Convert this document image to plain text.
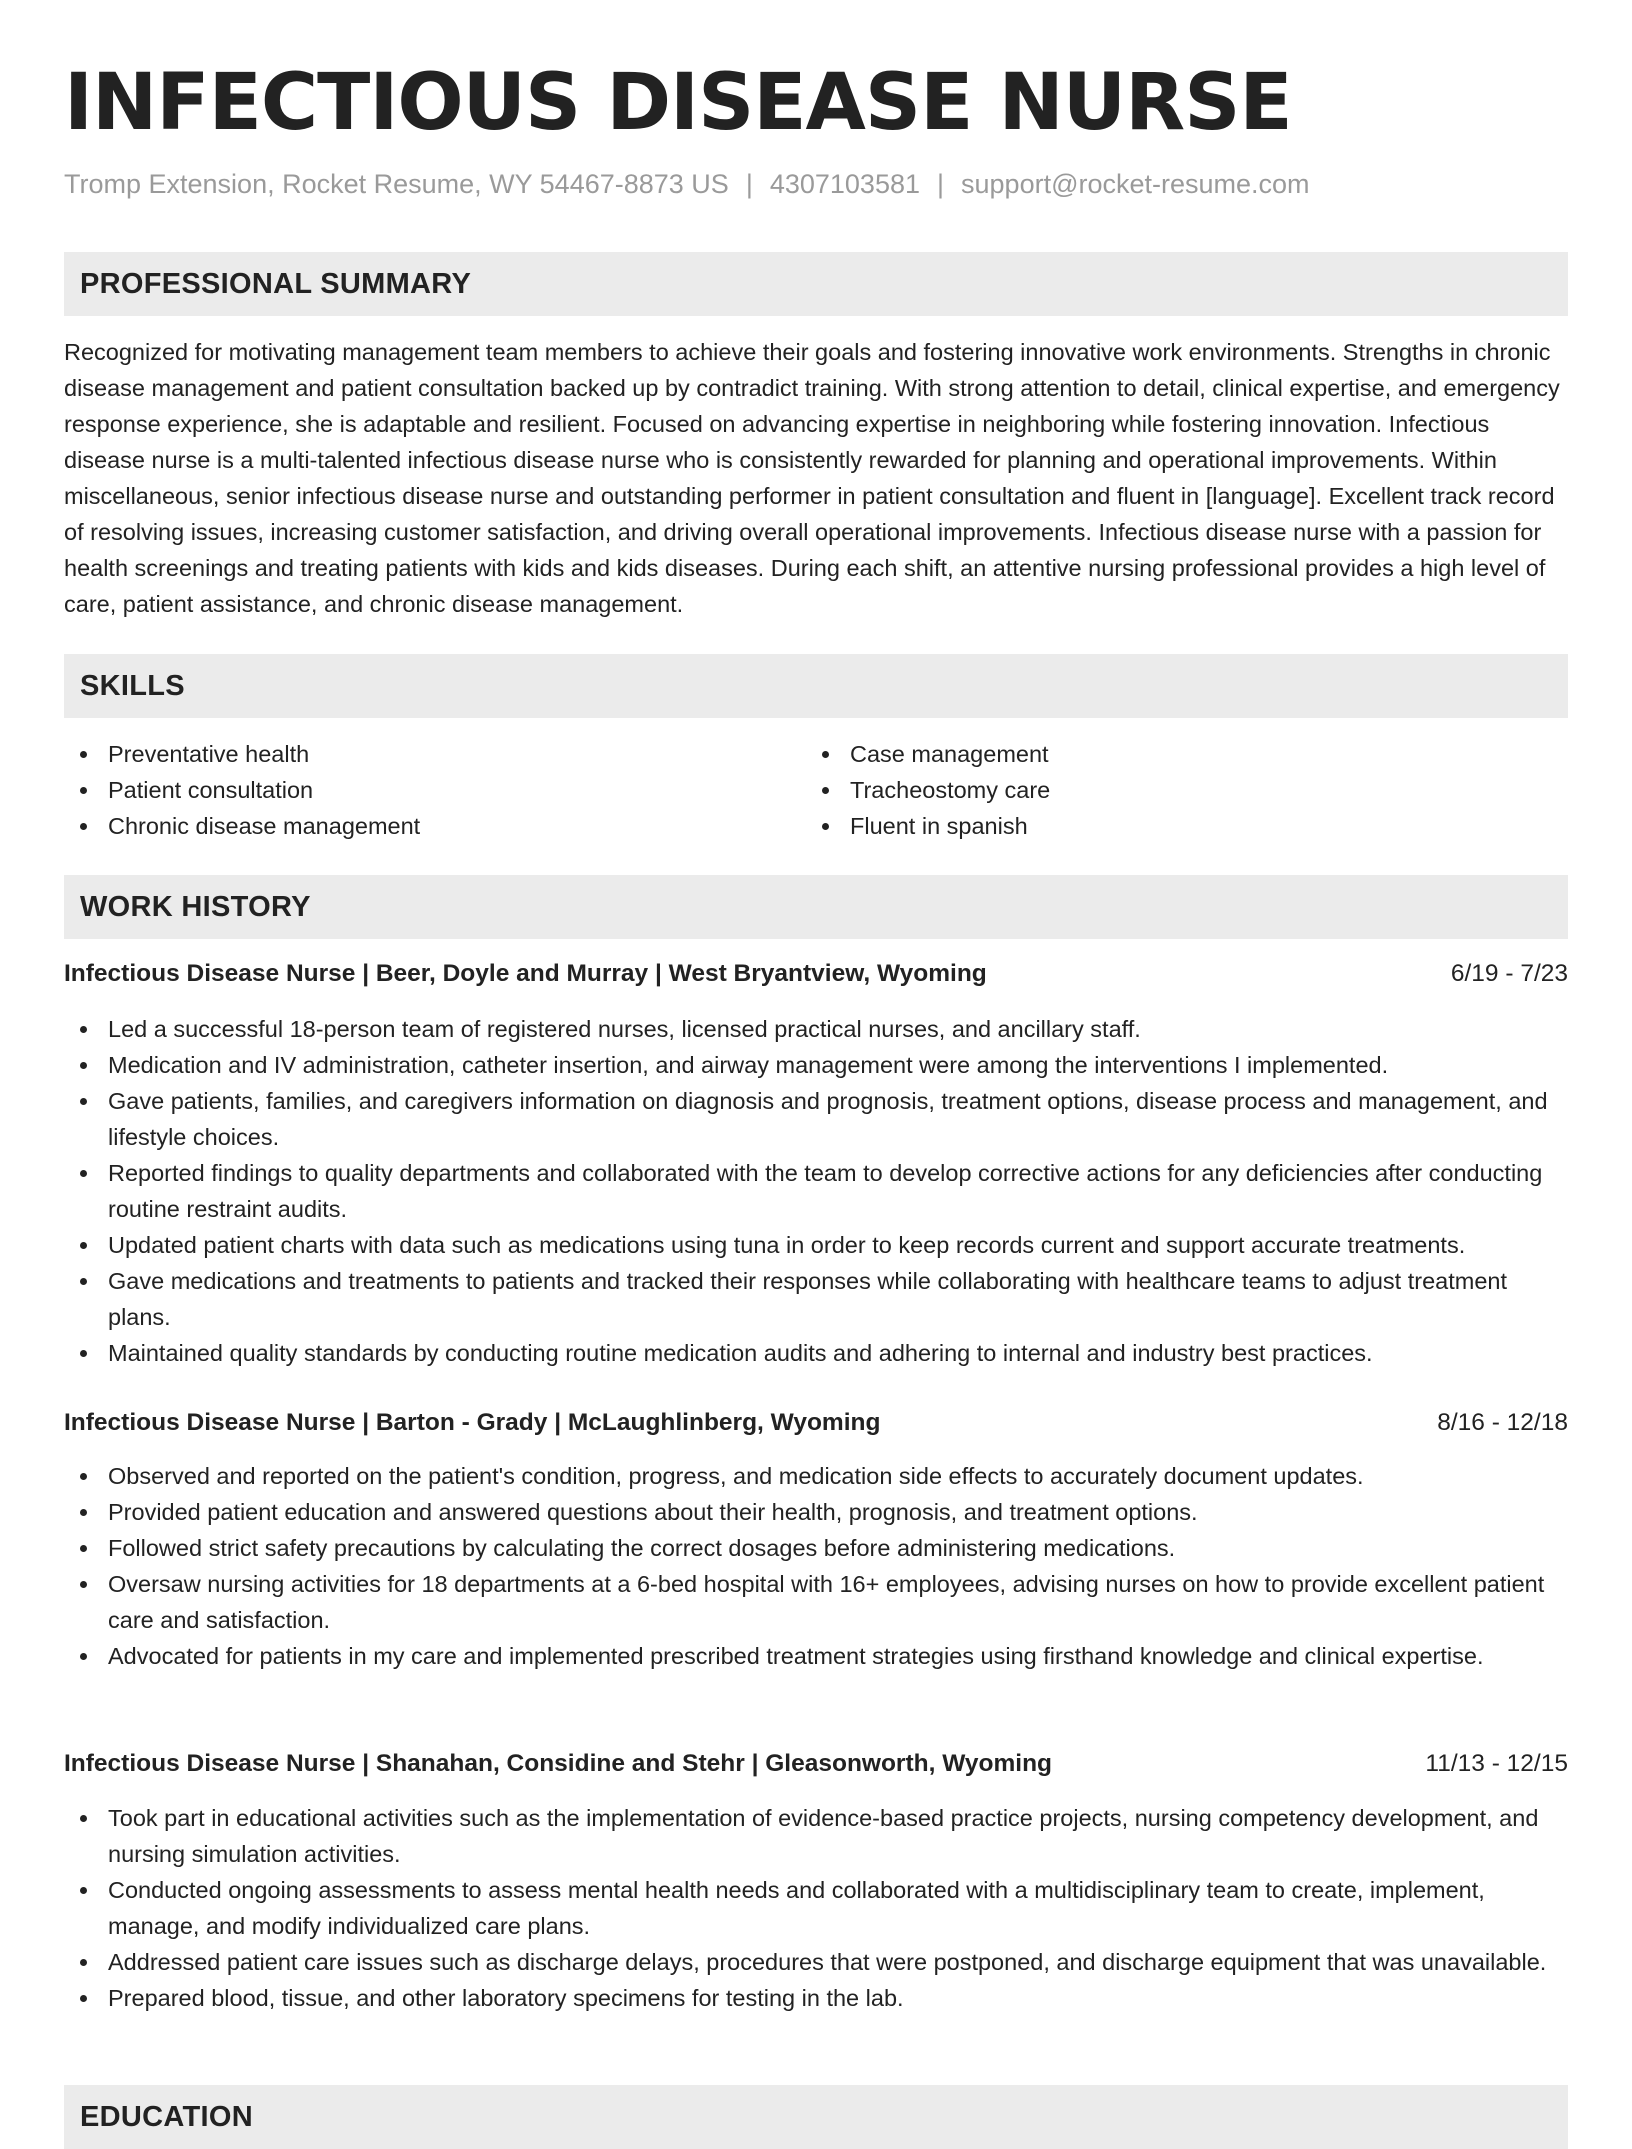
INFECTIOUS DISEASE NURSE
Tromp Extension, Rocket Resume, WY 54467-8873 US | 4307103581 | support@rocket-resume.com
PROFESSIONAL SUMMARY

Recognized for motivating management team members to achieve their goals and fostering innovative work environments. Strengths in chronic disease management and patient consultation backed up by contradict training. With strong attention to detail, clinical expertise, and emergency response experience, she is adaptable and resilient. Focused on advancing expertise in neighboring while fostering innovation. Infectious disease nurse is a multi-talented infectious disease nurse who is consistently rewarded for planning and operational improvements. Within miscellaneous, senior infectious disease nurse and outstanding performer in patient consultation and fluent in [language]. Excellent track record of resolving issues, increasing customer satisfaction, and driving overall operational improvements. Infectious disease nurse with a passion for health screenings and treating patients with kids and kids diseases. During each shift, an attentive nursing professional provides a high level of care, patient assistance, and chronic disease management.

SKILLS
Preventative health
Patient consultation
Chronic disease management
Case management
Tracheostomy care
Fluent in spanish
WORK HISTORY
Infectious Disease Nurse | Beer, Doyle and Murray | West Bryantview, Wyoming	6/19 - 7/23
Led a successful 18-person team of registered nurses, licensed practical nurses, and ancillary staff.
Medication and IV administration, catheter insertion, and airway management were among the interventions I implemented.
Gave patients, families, and caregivers information on diagnosis and prognosis, treatment options, disease process and management, and lifestyle choices.
Reported findings to quality departments and collaborated with the team to develop corrective actions for any deficiencies after conducting routine restraint audits.
Updated patient charts with data such as medications using tuna in order to keep records current and support accurate treatments.
Gave medications and treatments to patients and tracked their responses while collaborating with healthcare teams to adjust treatment plans.
Maintained quality standards by conducting routine medication audits and adhering to internal and industry best practices.
Infectious Disease Nurse | Barton - Grady | McLaughlinberg, Wyoming	8/16 - 12/18
Observed and reported on the patient's condition, progress, and medication side effects to accurately document updates.
Provided patient education and answered questions about their health, prognosis, and treatment options.
Followed strict safety precautions by calculating the correct dosages before administering medications.
Oversaw nursing activities for 18 departments at a 6-bed hospital with 16+ employees, advising nurses on how to provide excellent patient care and satisfaction.
Advocated for patients in my care and implemented prescribed treatment strategies using firsthand knowledge and clinical expertise.
Infectious Disease Nurse | Shanahan, Considine and Stehr | Gleasonworth, Wyoming	11/13 - 12/15
Took part in educational activities such as the implementation of evidence-based practice projects, nursing competency development, and nursing simulation activities.
Conducted ongoing assessments to assess mental health needs and collaborated with a multidisciplinary team to create, implement, manage, and modify individualized care plans.
Addressed patient care issues such as discharge delays, procedures that were postponed, and discharge equipment that was unavailable.
Prepared blood, tissue, and other laboratory specimens for testing in the lab.
EDUCATION
